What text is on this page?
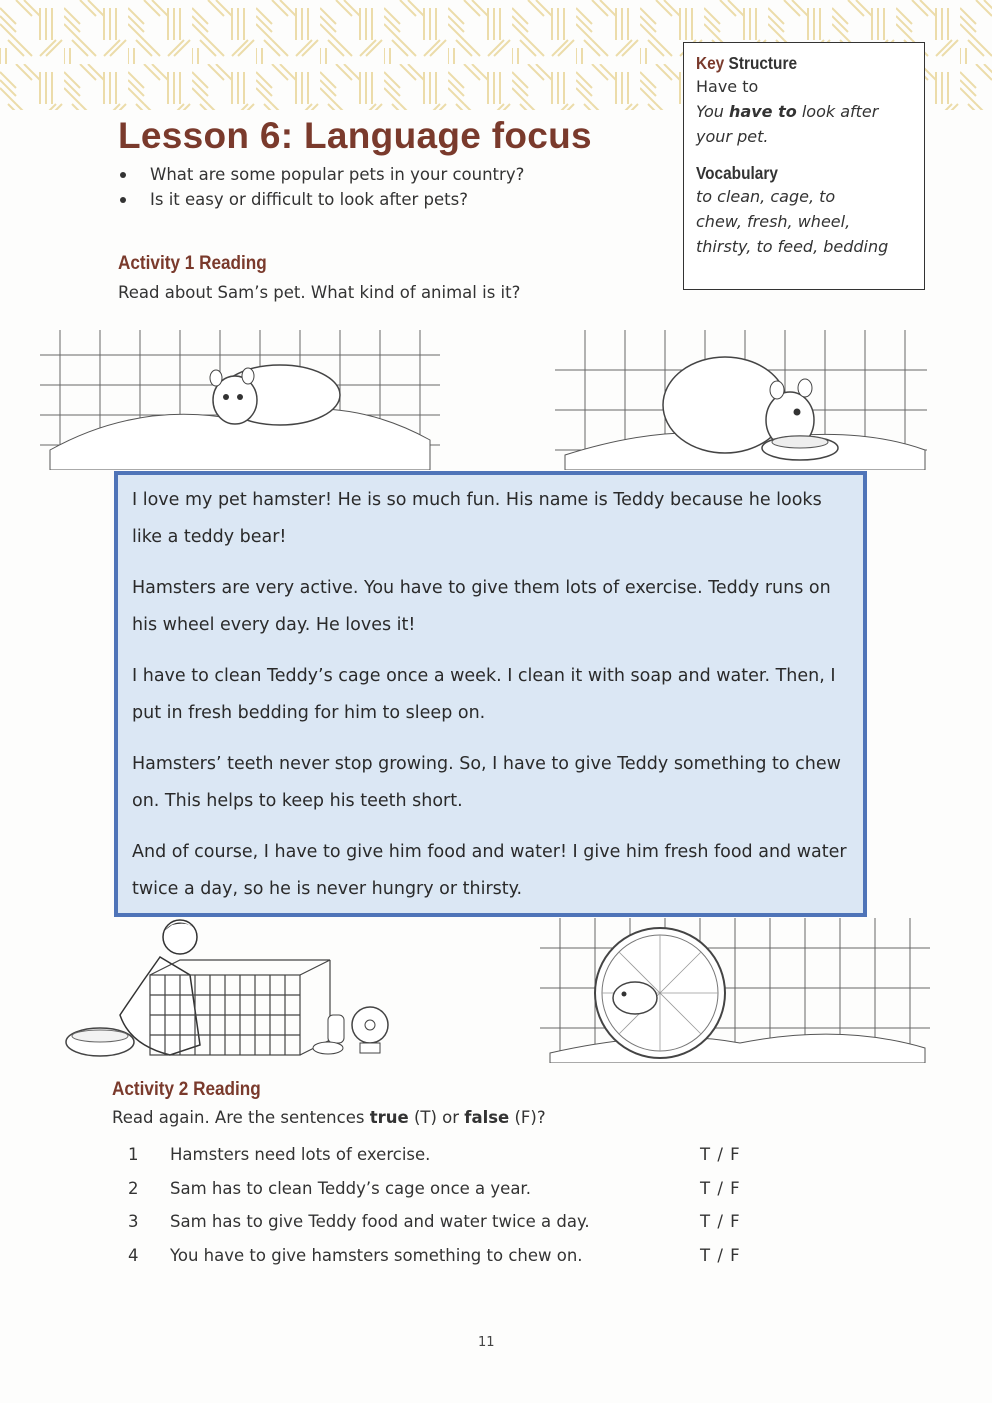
Lesson 6: Language focus
What are some popular pets in your country?
Is it easy or difficult to look after pets?
Key Structure
Have to
You have to look after
your pet.
Vocabulary
to clean, cage, to
chew, fresh, wheel,
thirsty, to feed, bedding
Activity 1 Reading
Read about Sam’s pet. What kind of animal is it?

I love my pet hamster! He is so much fun. His name is Teddy because he looks like a teddy bear!

Hamsters are very active. You have to give them lots of exercise. Teddy runs on his wheel every day. He loves it!

I have to clean Teddy’s cage once a week. I clean it with soap and water. Then, I put in fresh bedding for him to sleep on.

Hamsters’ teeth never stop growing. So, I have to give Teddy something to chew on. This helps to keep his teeth short.

And of course, I have to give him food and water! I give him fresh food and water twice a day, so he is never hungry or thirsty.

Activity 2 Reading
Read again. Are the sentences true (T) or false (F)?
1 Hamsters need lots of exercise.	T / F
2 Sam has to clean Teddy’s cage once a year.	T / F
3 Sam has to give Teddy food and water twice a day.	T / F
4 You have to give hamsters something to chew on.	T / F
11
